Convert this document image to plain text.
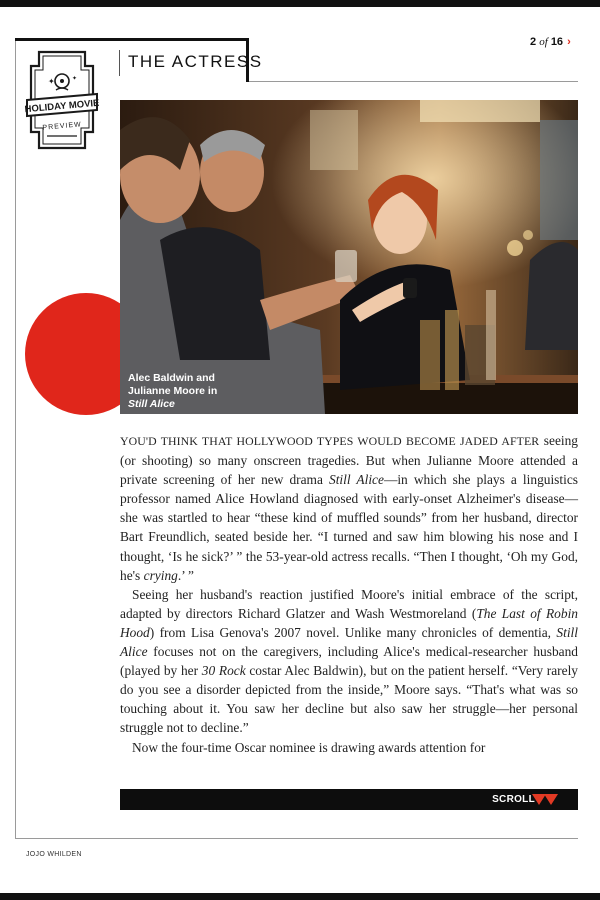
THE ACTRESS
✦	✦
HOLIDAY MOVIE
PREVIEW
2 of 16 ›
Alec Baldwin and
Julianne Moore in
Still Alice

YOU'D THINK THAT HOLLYWOOD TYPES WOULD BECOME JADED AFTER seeing (or shooting) so many onscreen tragedies. But when Julianne Moore attended a private screening of her new drama Still Alice—in which she plays a linguistics professor named Alice Howland diagnosed with early-onset Alzheimer's disease—she was startled to hear “these kind of muffled sounds” from her husband, director Bart Freundlich, seated beside her. “I turned and saw him blowing his nose and I thought, ‘Is he sick?’ ” the 53-year-old actress recalls. “Then I thought, ‘Oh my God, he's crying.’ ”

Seeing her husband's reaction justified Moore's initial embrace of the script, adapted by directors Richard Glatzer and Wash Westmoreland (The Last of Robin Hood) from Lisa Genova's 2007 novel. Unlike many chronicles of dementia, Still Alice focuses not on the caregivers, including Alice's medical-researcher husband (played by her 30 Rock costar Alec Baldwin), but on the patient herself. “Very rarely do you see a disorder depicted from the inside,” Moore says. “That's what was so touching about it. You saw her decline but also saw her struggle—her personal struggle not to decline.”

Now the four-time Oscar nominee is drawing awards attention for

SCROLL
JOJO WHILDEN
